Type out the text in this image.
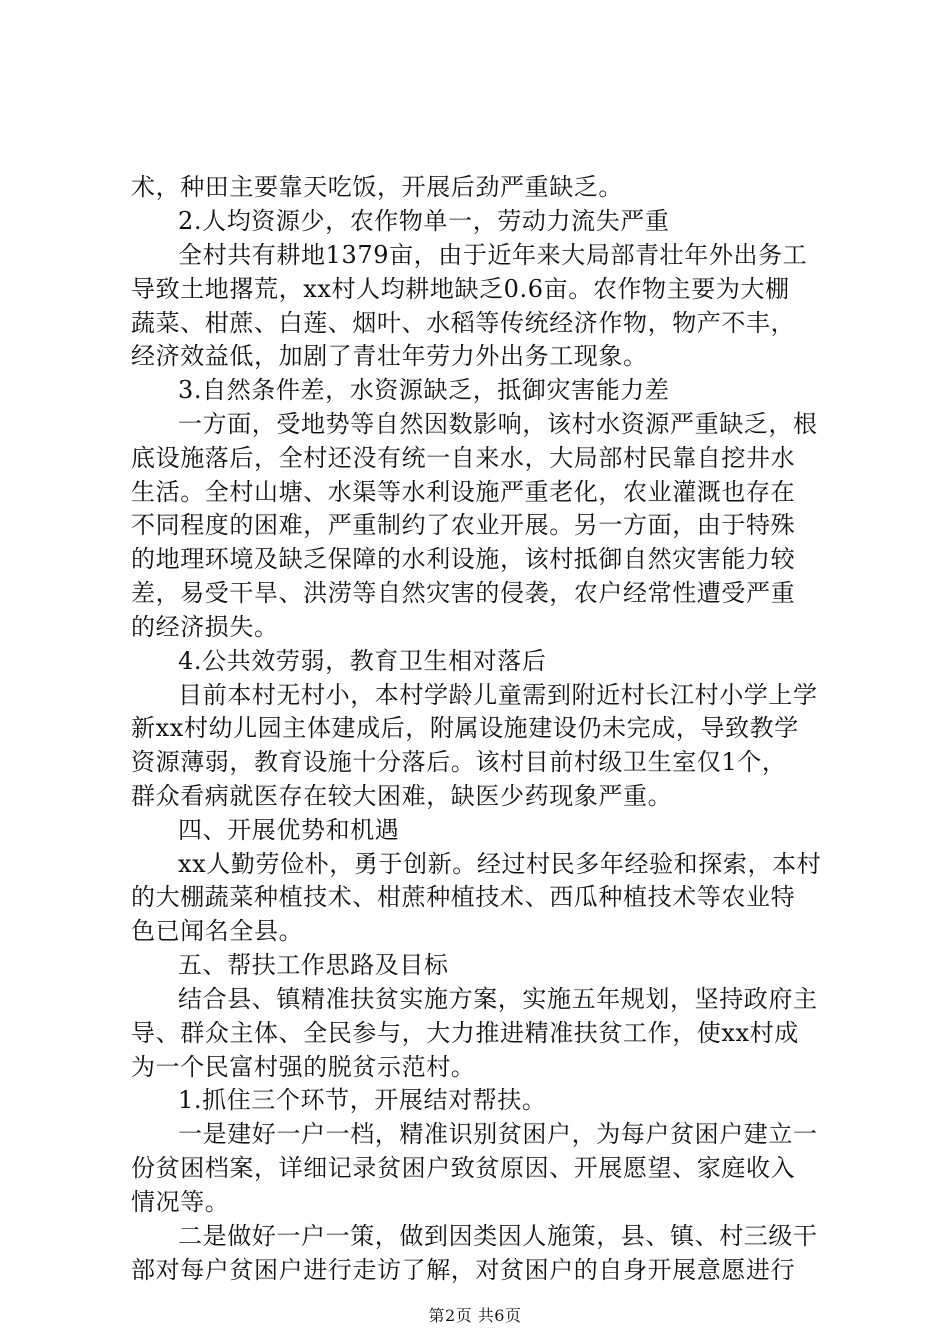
术，种田主要靠天吃饭，开展后劲严重缺乏。
2.人均资源少，农作物单一，劳动力流失严重
全村共有耕地1379亩，由于近年来大局部青壮年外出务工
导致土地撂荒，xx村人均耕地缺乏0.6亩。农作物主要为大棚
蔬菜、柑蔗、白莲、烟叶、水稻等传统经济作物，物产不丰，
经济效益低，加剧了青壮年劳力外出务工现象。
3.自然条件差，水资源缺乏，抵御灾害能力差
一方面，受地势等自然因数影响，该村水资源严重缺乏，根
底设施落后，全村还没有统一自来水，大局部村民靠自挖井水
生活。全村山塘、水渠等水利设施严重老化，农业灌溉也存在
不同程度的困难，严重制约了农业开展。另一方面，由于特殊
的地理环境及缺乏保障的水利设施，该村抵御自然灾害能力较
差，易受干旱、洪涝等自然灾害的侵袭，农户经常性遭受严重
的经济损失。
4.公共效劳弱，教育卫生相对落后
目前本村无村小，本村学龄儿童需到附近村长江村小学上学
新xx村幼儿园主体建成后，附属设施建设仍未完成，导致教学
资源薄弱，教育设施十分落后。该村目前村级卫生室仅1个，
群众看病就医存在较大困难，缺医少药现象严重。
四、开展优势和机遇
xx人勤劳俭朴，勇于创新。经过村民多年经验和探索，本村
的大棚蔬菜种植技术、柑蔗种植技术、西瓜种植技术等农业特
色已闻名全县。
五、帮扶工作思路及目标
结合县、镇精准扶贫实施方案，实施五年规划，坚持政府主
导、群众主体、全民参与，大力推进精准扶贫工作，使xx村成
为一个民富村强的脱贫示范村。
1.抓住三个环节，开展结对帮扶。
一是建好一户一档，精准识别贫困户，为每户贫困户建立一
份贫困档案，详细记录贫困户致贫原因、开展愿望、家庭收入
情况等。
二是做好一户一策，做到因类因人施策，县、镇、村三级干
部对每户贫困户进行走访了解，对贫困户的自身开展意愿进行
第2页 共6页
